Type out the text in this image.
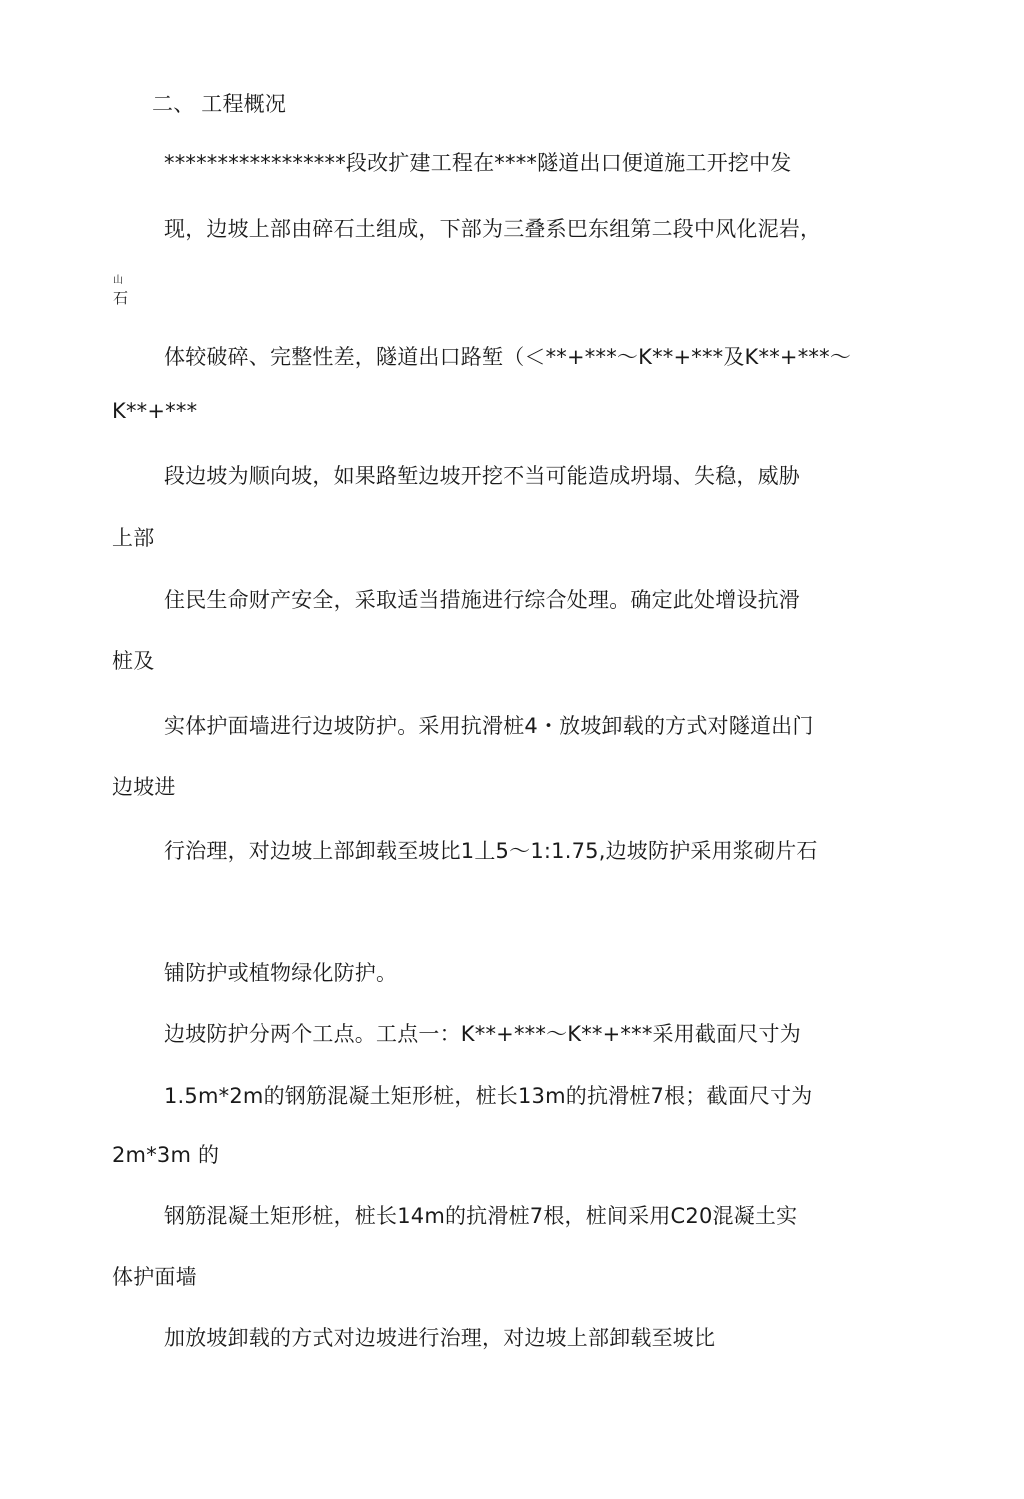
二、 工程概况
*****************段改扩建工程在****隧道出口便道施工开挖中发
现，边坡上部由碎石土组成，下部为三叠系巴东组第二段中风化泥岩，
山
石
体较破碎、完整性差，隧道出口路堑（＜**+***～K**+***及K**+***～
K**+***
段边坡为顺向坡，如果路堑边坡开挖不当可能造成坍塌、失稳，威胁
上部
住民生命财产安全，采取适当措施进行综合处理。确定此处增设抗滑
桩及
实体护面墙进行边坡防护。采用抗滑桩4・放坡卸载的方式对隧道出门
边坡进
行治理，对边坡上部卸载至坡比1丄5～1:1.75,边坡防护采用浆砌片石
铺防护或植物绿化防护。
边坡防护分两个工点。工点一：K**+***～K**+***采用截面尺寸为
1.5m*2m的钢筋混凝土矩形桩，桩长13m的抗滑桩7根；截面尺寸为
2m*3m 的
钢筋混凝土矩形桩，桩长14m的抗滑桩7根，桩间采用C20混凝土实
体护面墙
加放坡卸载的方式对边坡进行治理，对边坡上部卸载至坡比
